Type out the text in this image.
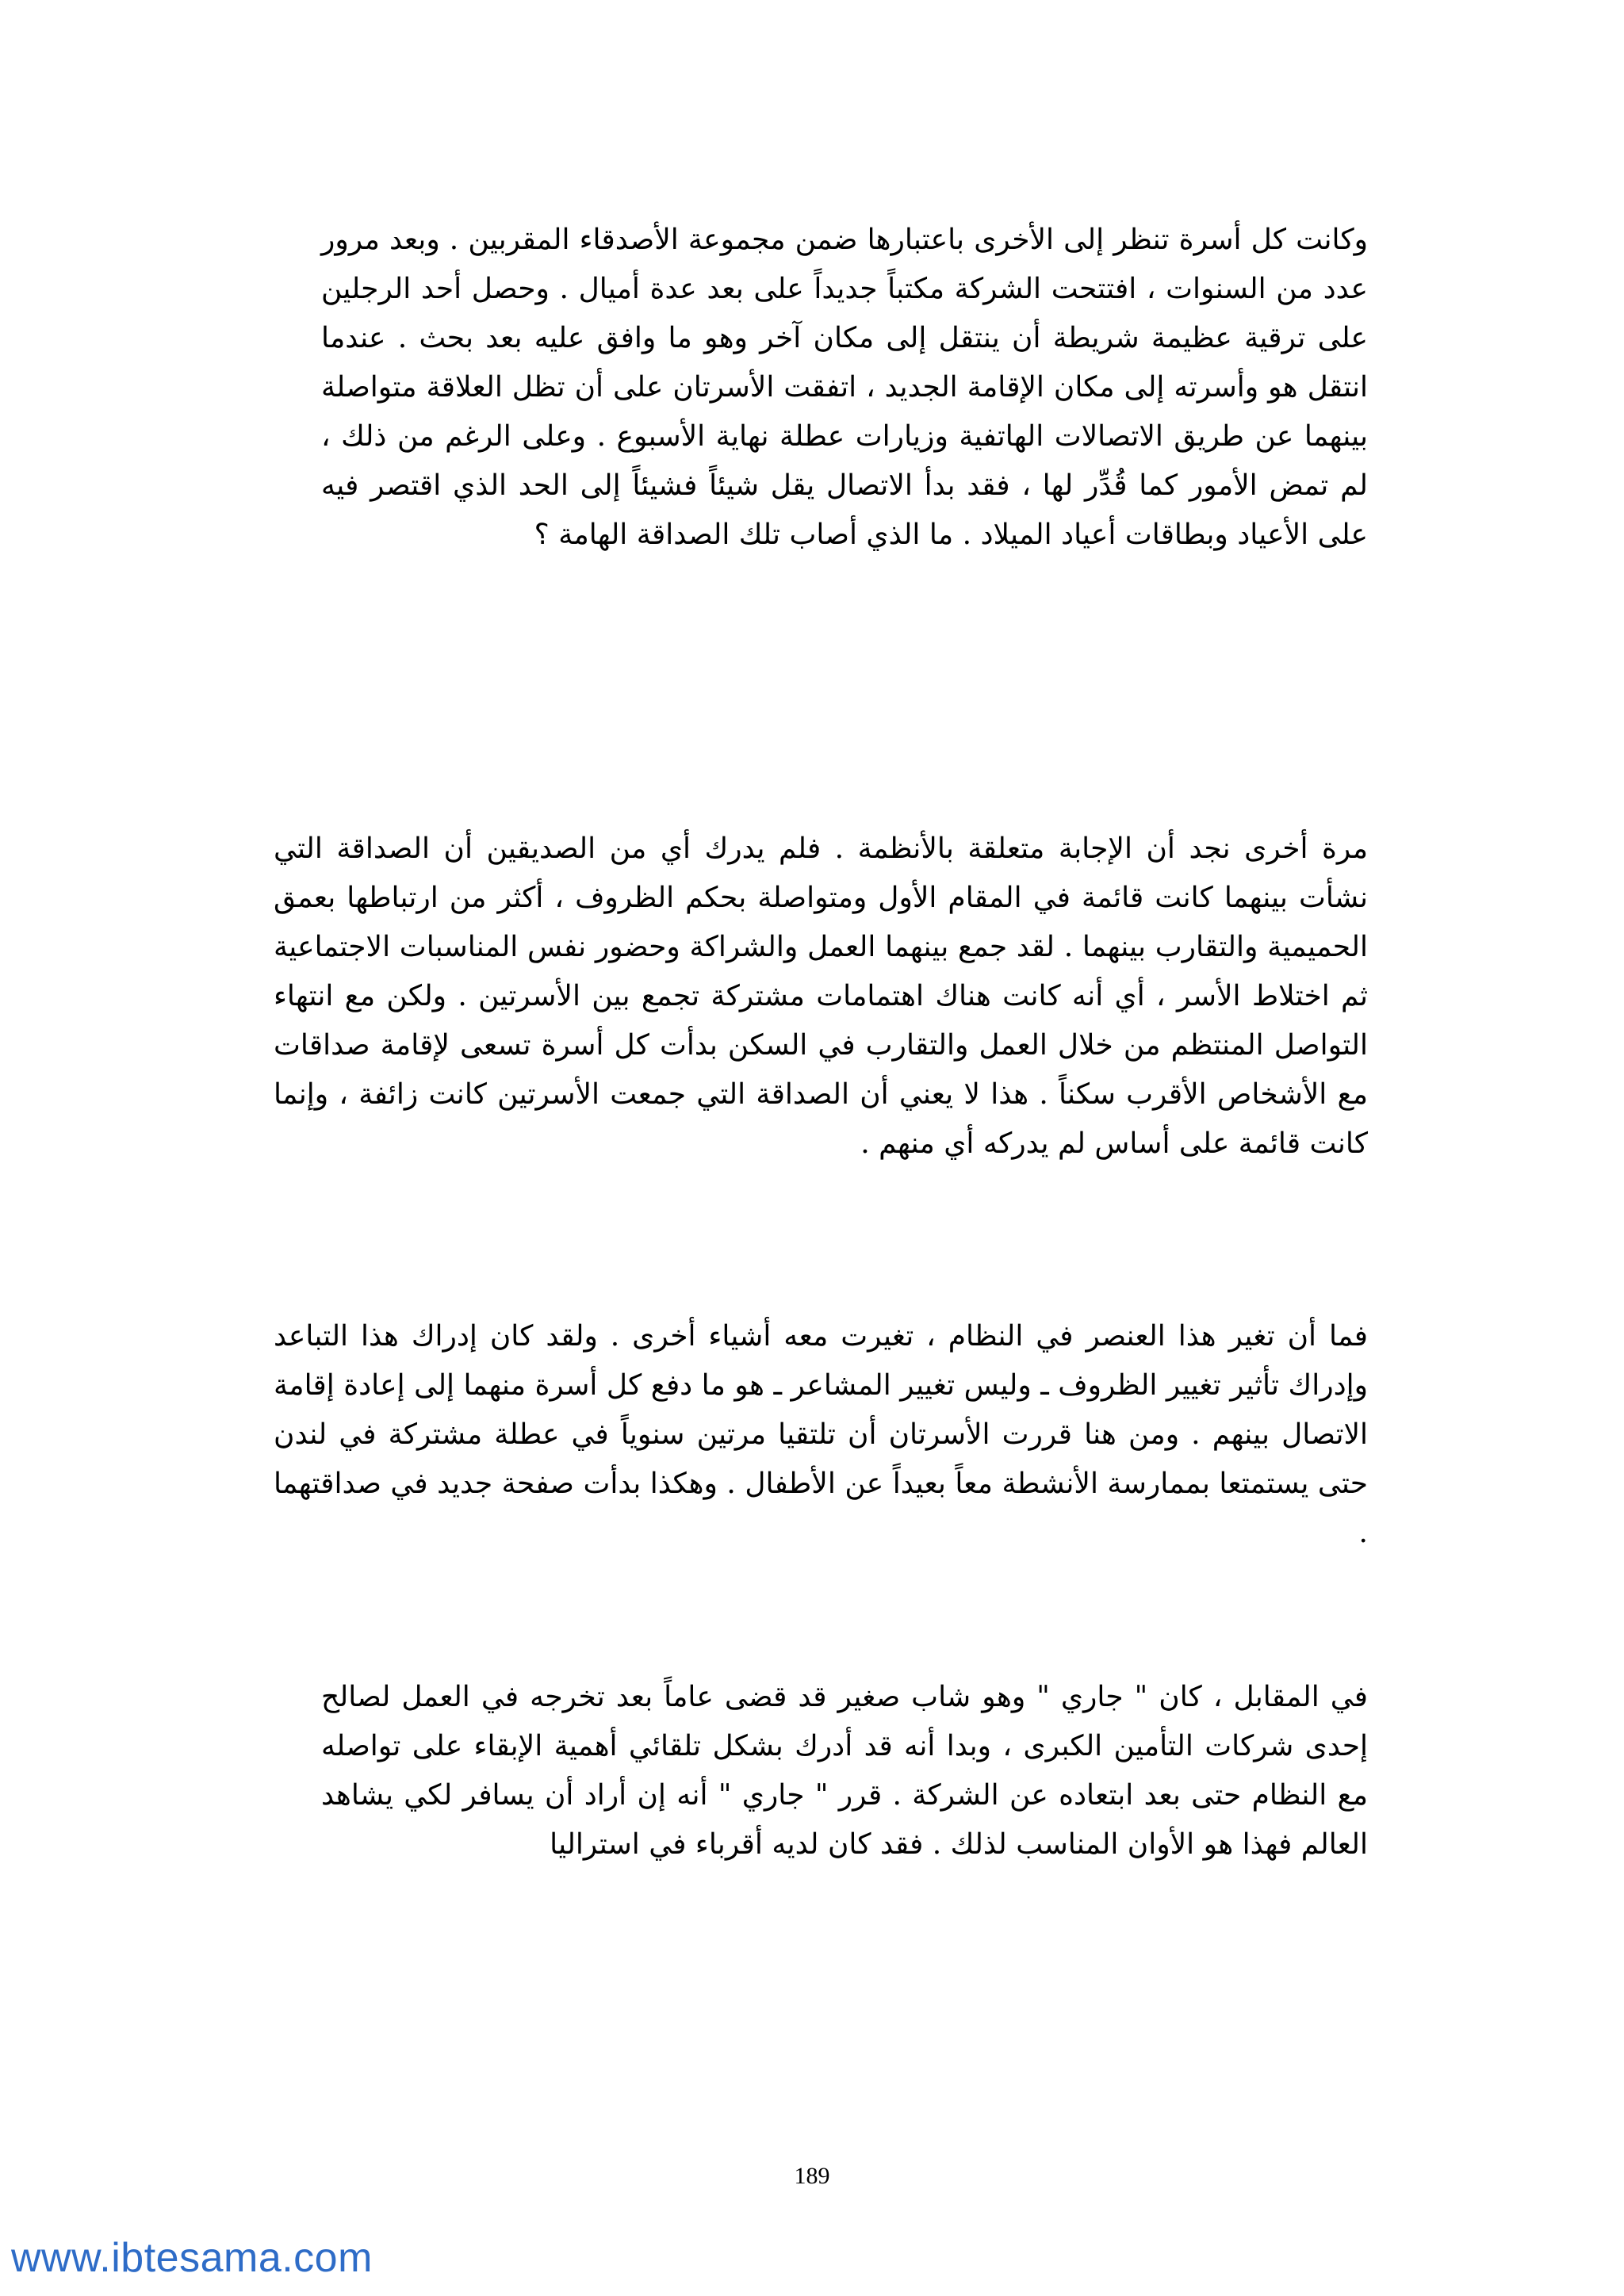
وكانت كل أسرة تنظر إلى الأخرى باعتبارها ضمن مجموعة الأصدقاء المقربين . وبعد مرور عدد من السنوات ، افتتحت الشركة مكتباً جديداً على بعد عدة أميال . وحصل أحد الرجلين على ترقية عظيمة شريطة أن ينتقل إلى مكان آخر وهو ما وافق عليه بعد بحث . عندما انتقل هو وأسرته إلى مكان الإقامة الجديد ، اتفقت الأسرتان على أن تظل العلاقة متواصلة بينهما عن طريق الاتصالات الهاتفية وزيارات عطلة نهاية الأسبوع . وعلى الرغم من ذلك ، لم تمض الأمور كما قُدِّر لها ، فقد بدأ الاتصال يقل شيئاً فشيئاً إلى الحد الذي اقتصر فيه على الأعياد وبطاقات أعياد الميلاد . ما الذي أصاب تلك الصداقة الهامة ؟

مرة أخرى نجد أن الإجابة متعلقة بالأنظمة . فلم يدرك أي من الصديقين أن الصداقة التي نشأت بينهما كانت قائمة في المقام الأول ومتواصلة بحكم الظروف ، أكثر من ارتباطها بعمق الحميمية والتقارب بينهما . لقد جمع بينهما العمل والشراكة وحضور نفس المناسبات الاجتماعية ثم اختلاط الأسر ، أي أنه كانت هناك اهتمامات مشتركة تجمع بين الأسرتين . ولكن مع انتهاء التواصل المنتظم من خلال العمل والتقارب في السكن بدأت كل أسرة تسعى لإقامة صداقات مع الأشخاص الأقرب سكناً . هذا لا يعني أن الصداقة التي جمعت الأسرتين كانت زائفة ، وإنما كانت قائمة على أساس لم يدركه أي منهم .

فما أن تغير هذا العنصر في النظام ، تغيرت معه أشياء أخرى . ولقد كان إدراك هذا التباعد وإدراك تأثير تغيير الظروف ـ وليس تغيير المشاعر ـ هو ما دفع كل أسرة منهما إلى إعادة إقامة الاتصال بينهم . ومن هنا قررت الأسرتان أن تلتقيا مرتين سنوياً في عطلة مشتركة في لندن حتى يستمتعا بممارسة الأنشطة معاً بعيداً عن الأطفال . وهكذا بدأت صفحة جديد في صداقتهما .

في المقابل ، كان " جاري " وهو شاب صغير قد قضى عاماً بعد تخرجه في العمل لصالح إحدى شركات التأمين الكبرى ، وبدا أنه قد أدرك بشكل تلقائي أهمية الإبقاء على تواصله مع النظام حتى بعد ابتعاده عن الشركة . قرر " جاري " أنه إن أراد أن يسافر لكي يشاهد العالم فهذا هو الأوان المناسب لذلك . فقد كان لديه أقرباء في استراليا

189
www.ibtesama.com
